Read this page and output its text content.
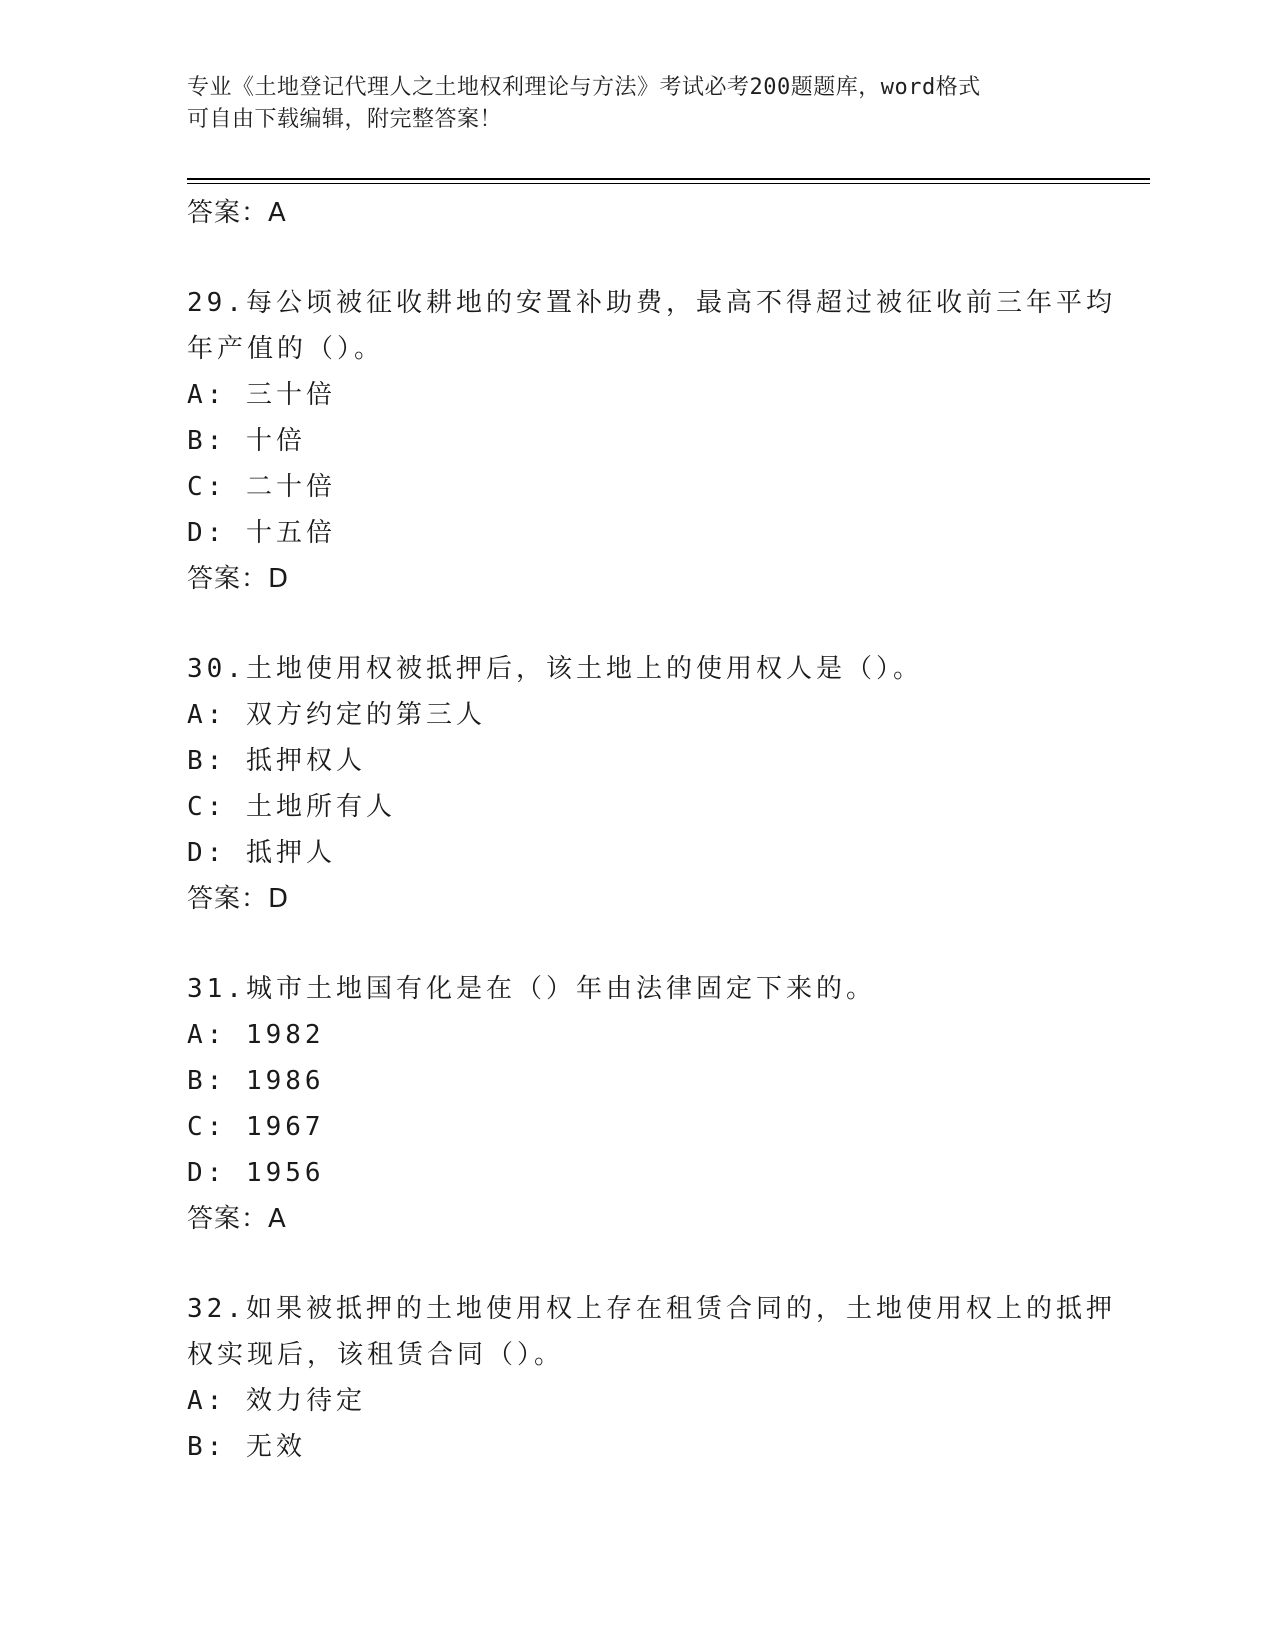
专业《土地登记代理人之土地权利理论与方法》考试必考200题题库，word格式
可自由下载编辑，附完整答案！
答案：A
29.每公顷被征收耕地的安置补助费，最高不得超过被征收前三年平均
年产值的（）。
A: 三十倍
B: 十倍
C: 二十倍
D: 十五倍
答案：D
30.土地使用权被抵押后，该土地上的使用权人是（）。
A: 双方约定的第三人
B: 抵押权人
C: 土地所有人
D: 抵押人
答案：D
31.城市土地国有化是在（）年由法律固定下来的。
A: 1982
B: 1986
C: 1967
D: 1956
答案：A
32.如果被抵押的土地使用权上存在租赁合同的，土地使用权上的抵押
权实现后，该租赁合同（）。
A: 效力待定
B: 无效
